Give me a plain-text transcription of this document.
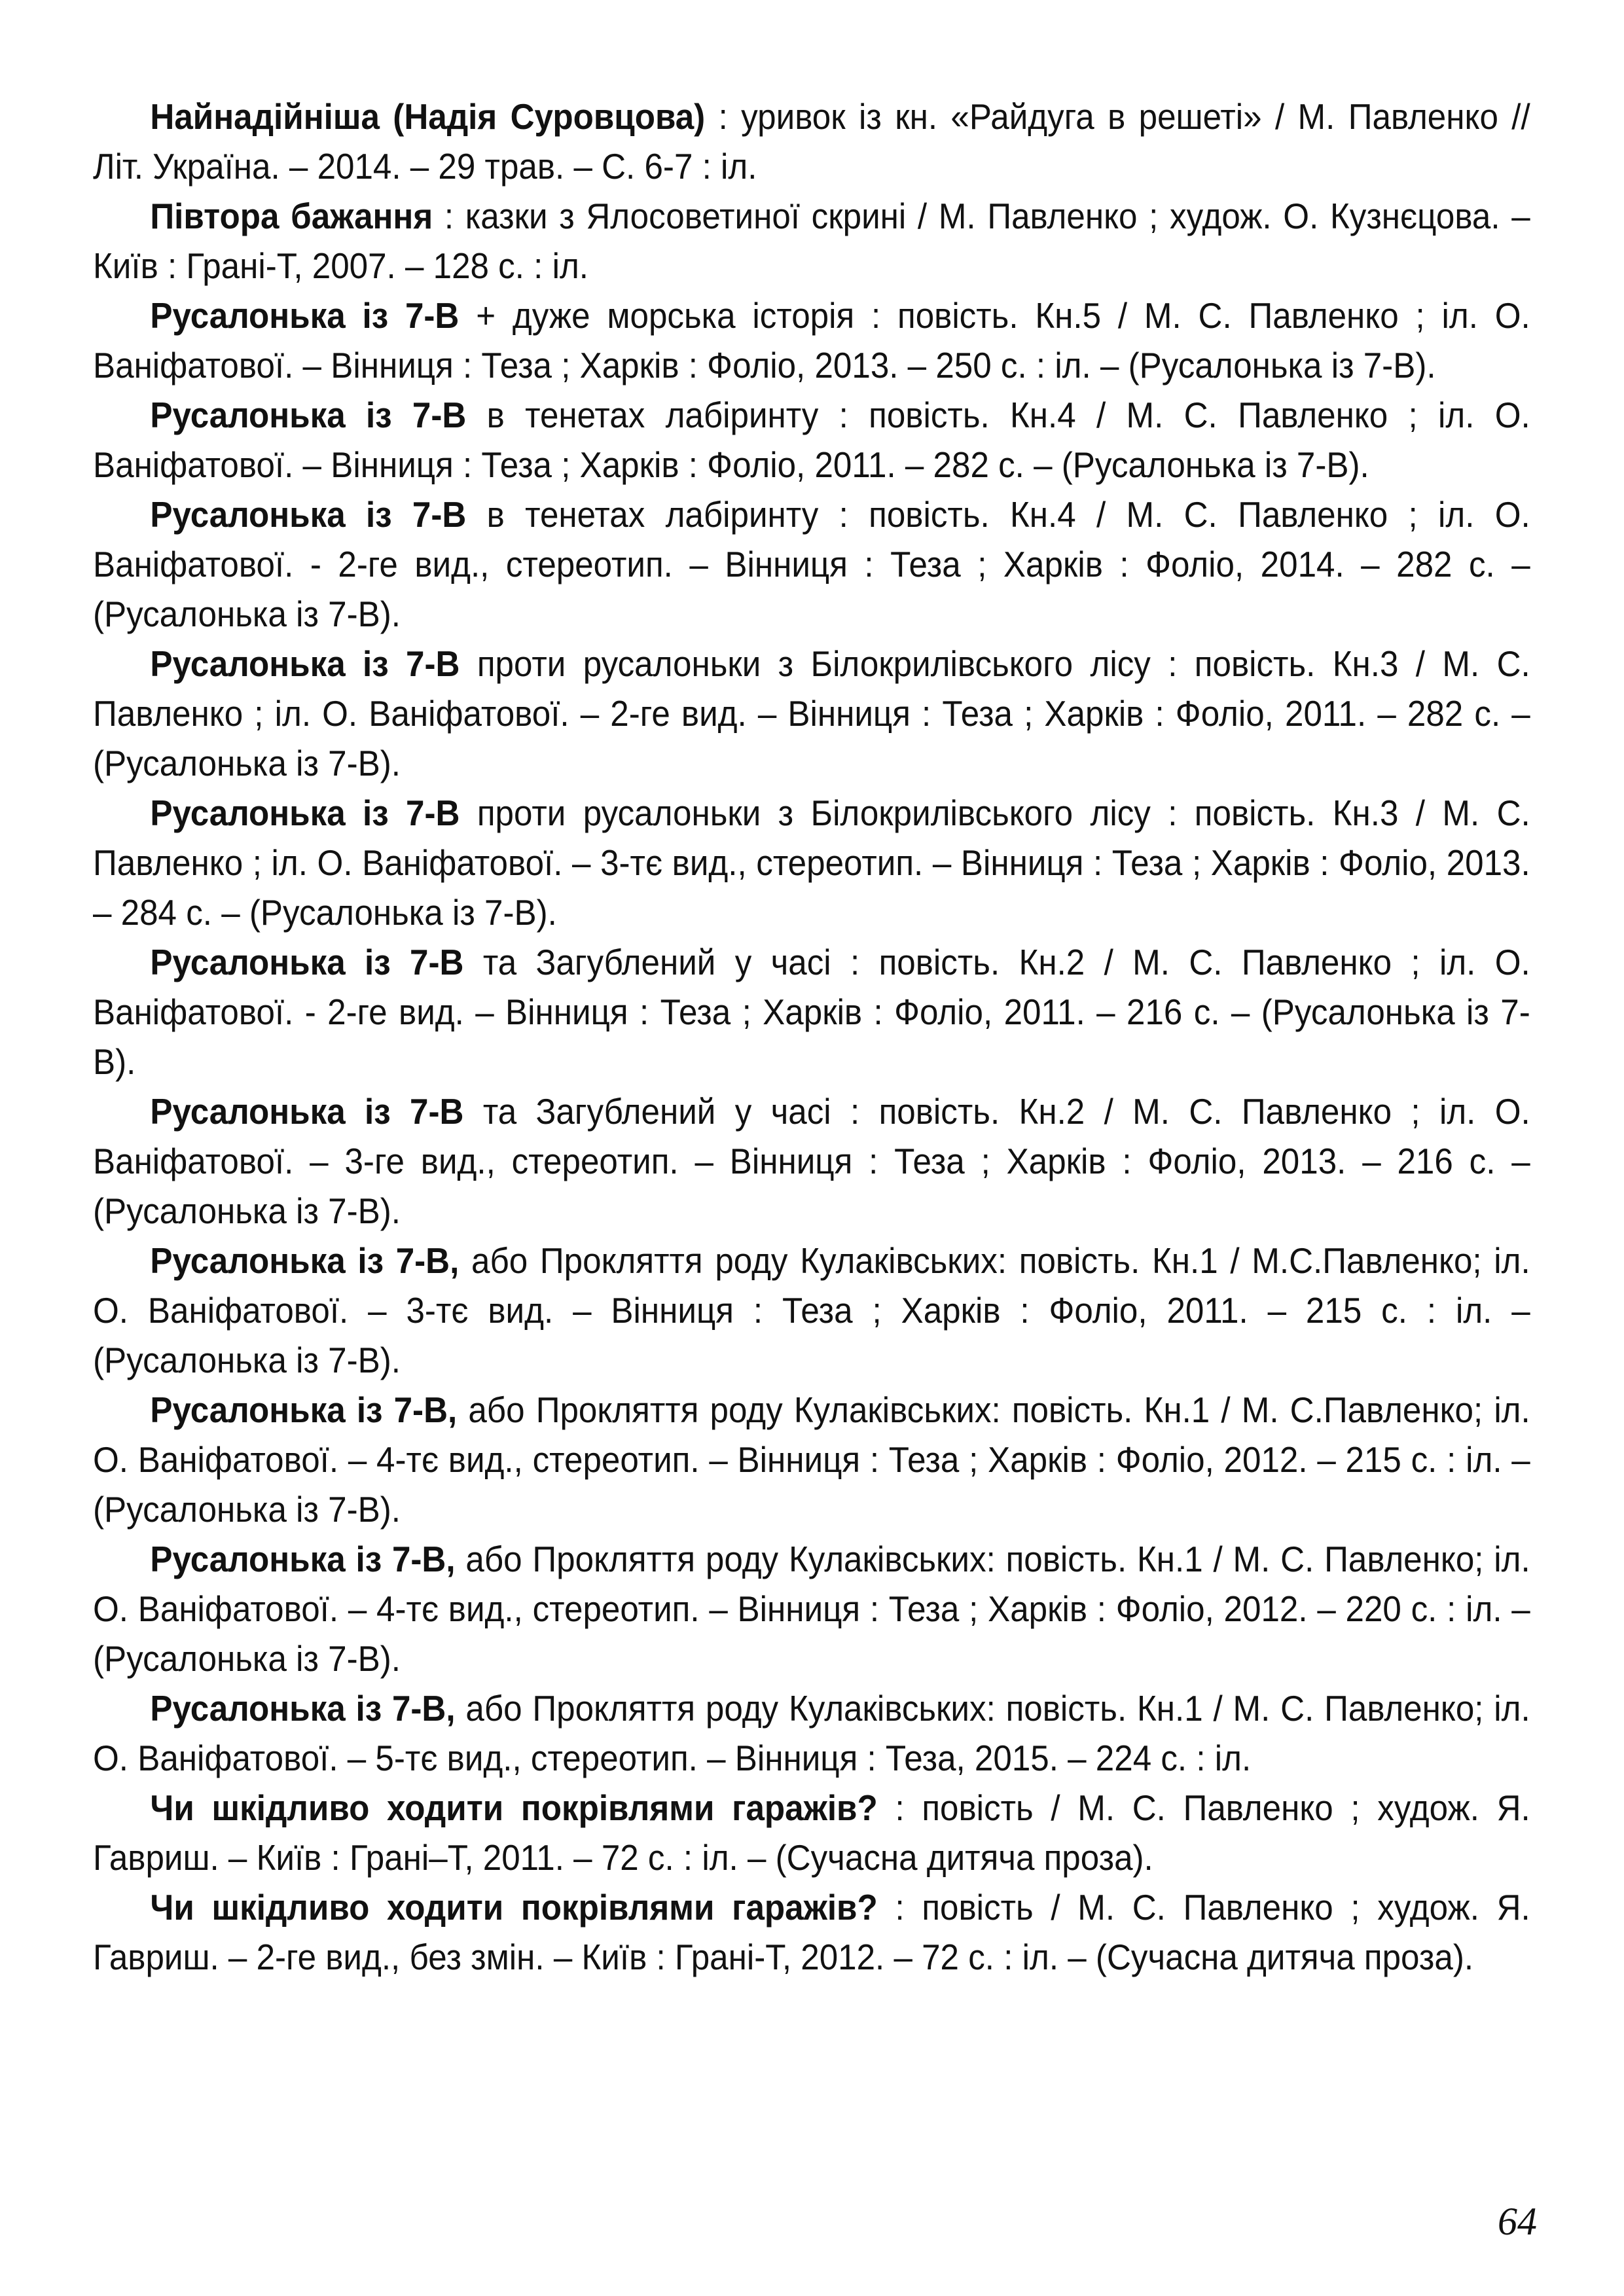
Найнадійніша (Надія Суровцова) : уривок із кн. «Райдуга в решеті» / М. Павленко // Літ. Україна. – 2014. – 29 трав. – С. 6-7 : іл.

Півтора бажання : казки з Ялосоветиної скрині / М. Павленко ; худож. О. Кузнєцова. – Київ : Грані-Т, 2007. – 128 с. : іл.

Русалонька із 7-В + дуже морська історія : повість. Кн.5 / М. С. Павленко ; іл. О. Ваніфатової. – Вінниця : Теза ; Харків : Фоліо, 2013. – 250 с. : іл. – (Русалонька із 7-В).

Русалонька із 7-В в тенетах лабіринту : повість. Кн.4 / М. С. Павленко ; іл. О. Ваніфатової. – Вінниця : Теза ; Харків : Фоліо, 2011. – 282 с. – (Русалонька із 7-В).

Русалонька із 7-В в тенетах лабіринту : повість. Кн.4 / М. С. Павленко ; іл. О. Ваніфатової. - 2-ге вид., стереотип. – Вінниця : Теза ; Харків : Фоліо, 2014. – 282 с. – (Русалонька із 7-В).

Русалонька із 7-В проти русалоньки з Білокрилівського лісу : повість. Кн.3 / М. С. Павленко ; іл. О. Ваніфатової. – 2-ге вид. – Вінниця : Теза ; Харків : Фоліо, 2011. – 282 с. – (Русалонька із 7-В).

Русалонька із 7-В проти русалоньки з Білокрилівського лісу : повість. Кн.3 / М. С. Павленко ; іл. О. Ваніфатової. – 3-тє вид., стереотип. – Вінниця : Теза ; Харків : Фоліо, 2013. – 284 с. – (Русалонька із 7-В).

Русалонька із 7-В та Загублений у часі : повість. Кн.2 / М. С. Павленко ; іл. О. Ваніфатової. - 2-ге вид. – Вінниця : Теза ; Харків : Фоліо, 2011. – 216 с. – (Русалонька із 7-В).

Русалонька із 7-В та Загублений у часі : повість. Кн.2 / М. С. Павленко ; іл. О. Ваніфатової. – 3-ге вид., стереотип. – Вінниця : Теза ; Харків : Фоліо, 2013. – 216 с. – (Русалонька із 7-В).

Русалонька із 7-В, або Прокляття роду Кулаківських: повість. Кн.1 / М.С.Павленко; іл. О. Ваніфатової. – 3-тє вид. – Вінниця : Теза ; Харків : Фоліо, 2011. – 215 с. : іл. – (Русалонька із 7-В).

Русалонька із 7-В, або Прокляття роду Кулаківських: повість. Кн.1 / М. С.Павленко; іл. О. Ваніфатової. – 4-тє вид., стереотип. – Вінниця : Теза ; Харків : Фоліо, 2012. – 215 с. : іл. – (Русалонька із 7-В).

Русалонька із 7-В, або Прокляття роду Кулаківських: повість. Кн.1 / М. С. Павленко; іл. О. Ваніфатової. – 4-тє вид., стереотип. – Вінниця : Теза ; Харків : Фоліо, 2012. – 220 с. : іл. – (Русалонька із 7-В).

Русалонька із 7-В, або Прокляття роду Кулаківських: повість. Кн.1 / М. С. Павленко; іл. О. Ваніфатової. – 5-тє вид., стереотип. – Вінниця : Теза, 2015. – 224 с. : іл.

Чи шкідливо ходити покрівлями гаражів? : повість / М. С. Павленко ; худож. Я. Гавриш. – Київ : Грані–Т, 2011. – 72 с. : іл. – (Сучасна дитяча проза).

Чи шкідливо ходити покрівлями гаражів? : повість / М. С. Павленко ; худож. Я. Гавриш. – 2-ге вид., без змін. – Київ : Грані-Т, 2012. – 72 с. : іл. – (Сучасна дитяча проза).

64
